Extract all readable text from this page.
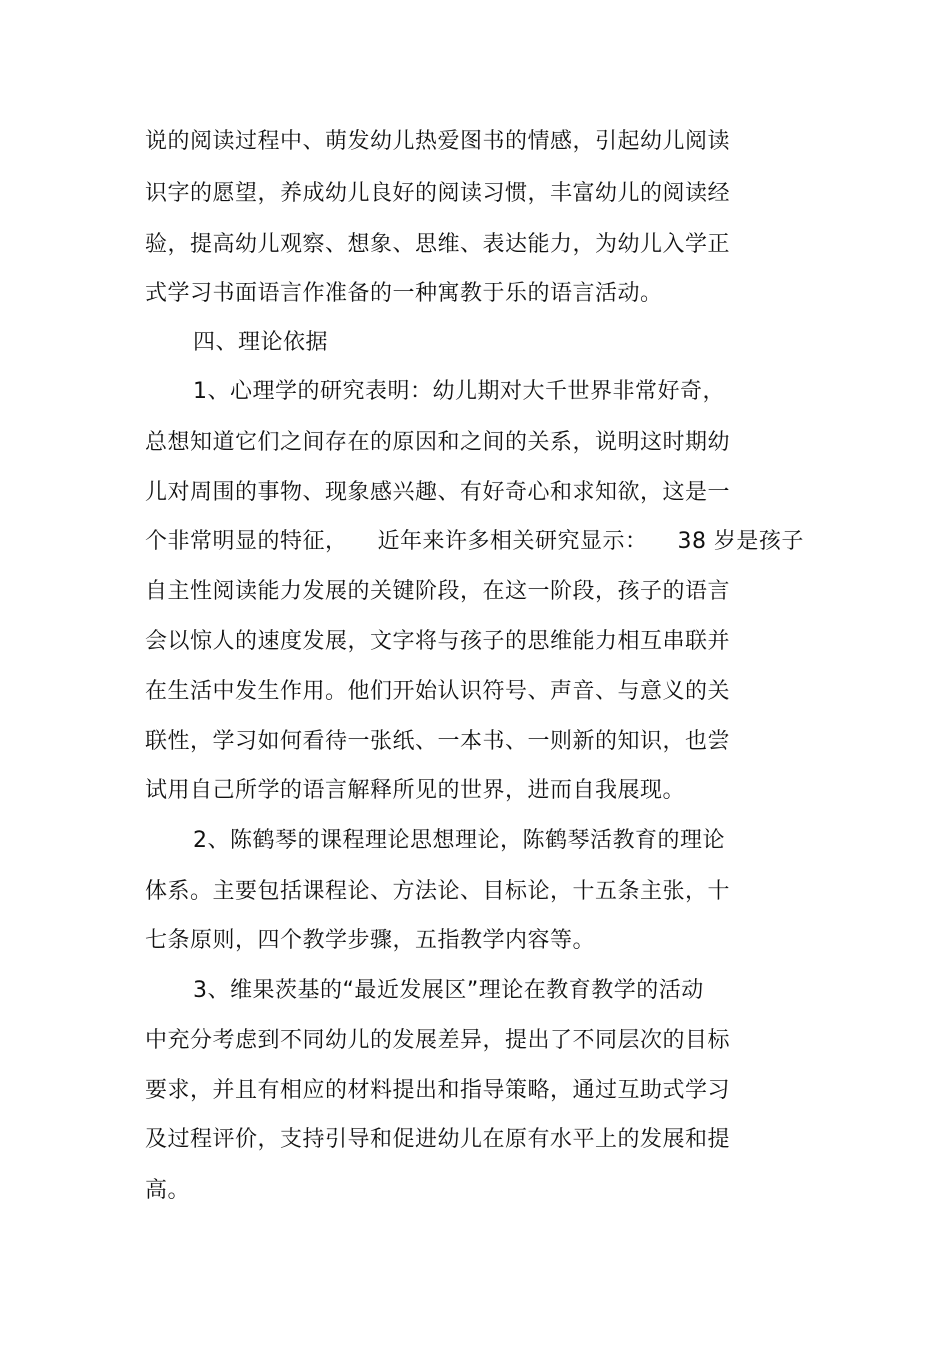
说的阅读过程中、萌发幼儿热爱图书的情感，引起幼儿阅读
识字的愿望，养成幼儿良好的阅读习惯，丰富幼儿的阅读经
验，提高幼儿观察、想象、思维、表达能力，为幼儿入学正
式学习书面语言作准备的一种寓教于乐的语言活动。
四、理论依据
1、心理学的研究表明：幼儿期对大千世界非常好奇，
总想知道它们之间存在的原因和之间的关系，说明这时期幼
儿对周围的事物、现象感兴趣、有好奇心和求知欲，这是一
个非常明显的特征，    近年来许多相关研究显示：    38 岁是孩子
自主性阅读能力发展的关键阶段，在这一阶段，孩子的语言
会以惊人的速度发展，文字将与孩子的思维能力相互串联并
在生活中发生作用。他们开始认识符号、声音、与意义的关
联性，学习如何看待一张纸、一本书、一则新的知识，也尝
试用自己所学的语言解释所见的世界，进而自我展现。
2、陈鹤琴的课程理论思想理论，陈鹤琴活教育的理论
体系。主要包括课程论、方法论、目标论，十五条主张，十
七条原则，四个教学步骤，五指教学内容等。
3、维果茨基的“最近发展区”理论在教育教学的活动
中充分考虑到不同幼儿的发展差异，提出了不同层次的目标
要求，并且有相应的材料提出和指导策略，通过互助式学习
及过程评价，支持引导和促进幼儿在原有水平上的发展和提
高。
